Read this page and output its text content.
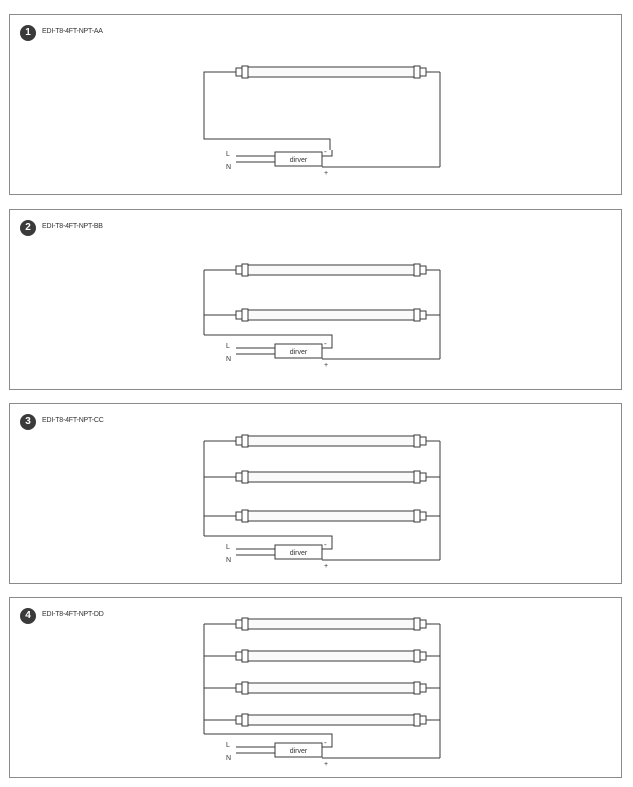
1	EDI-T8-4FT-NPT-AA
dirver
-
+
L
N
2	EDI-T8-4FT-NPT-BB
dirver
-
+
L
N
3	EDI-T8-4FT-NPT-CC
dirver
-
+
L
N
4	EDI-T8-4FT-NPT-DD
dirver
-
+
L
N
